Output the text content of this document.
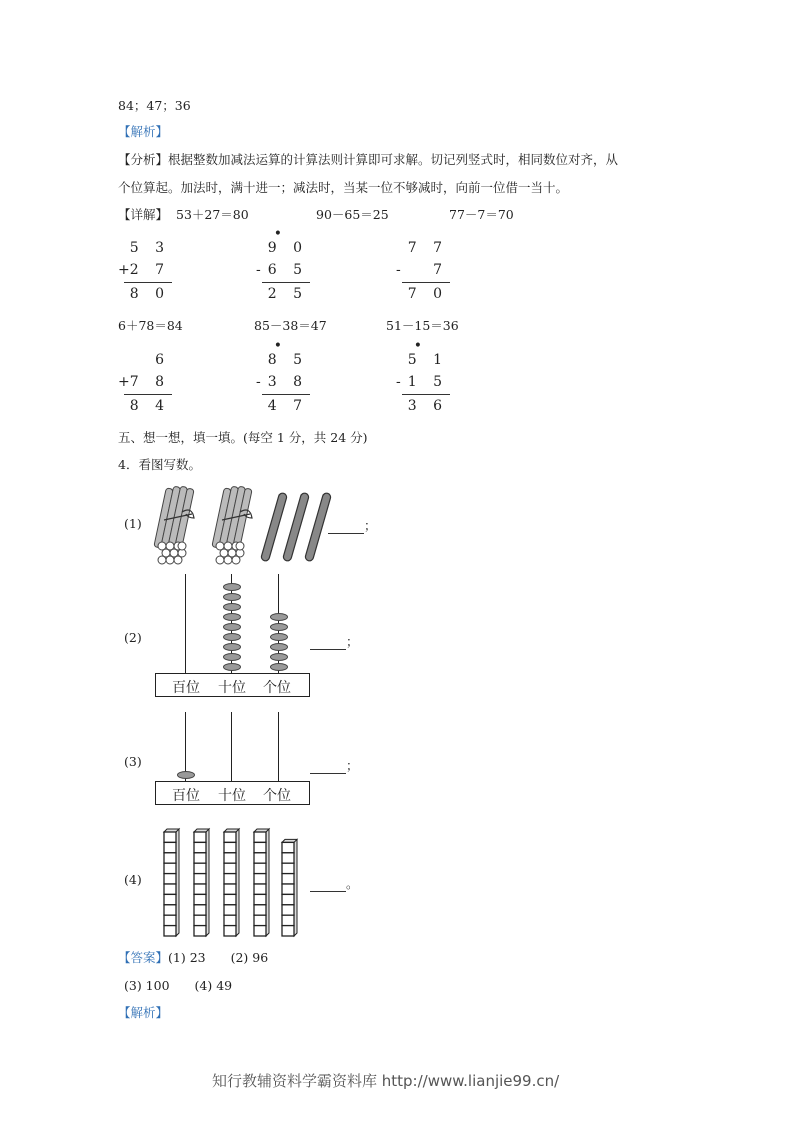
84；47；36
【解析】
【分析】根据整数加减法运算的计算法则计算即可求解。切记列竖式时，相同数位对齐，从
个位算起。加法时，满十进一；减法时，当某一位不够减时，向前一位借一当十。
【详解】 53＋27＝80	90－65＝25	77－7＝70
5 3
+ 2 7
8 0
•
9 0
- 6 5
2 5
7 7
- 7
7 0
6＋78＝84	85－38＝47	51－15＝36
6
+ 7 8
8 4
•
8 5
- 3 8
4 7
•
5 1
- 1 5
3 6
五、想一想，填一填。(每空 1 分，共 24 分)
4．看图写数。
(1)	；
(2)
百位 十位 个位
；
(3)
百位 十位 个位
；
(4)	。
【答案】(1) 23　　(2) 96
(3) 100　　(4) 49
【解析】
知行教辅资料学霸资料库 http://www.lianjie99.cn/
